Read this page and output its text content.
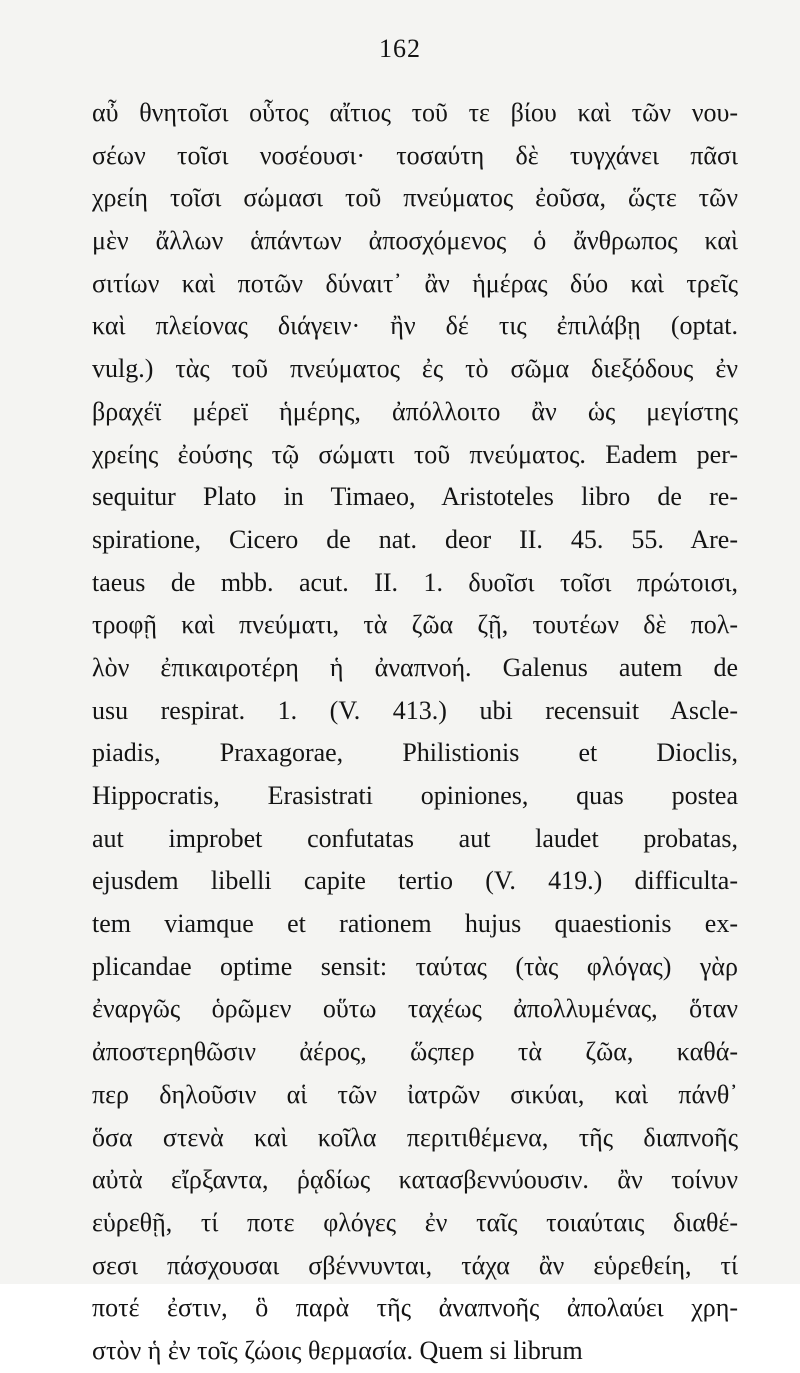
162
αὖ θνητοῖσι οὗτος αἴτιος τοῦ τε βίου καὶ τῶν νου-
σέων τοῖσι νοσέουσι· τοσαύτη δὲ τυγχάνει πᾶσι
χρείη τοῖσι σώμασι τοῦ πνεύματος ἐοῦσα, ὥςτε τῶν
μὲν ἄλλων ἁπάντων ἀποσχόμενος ὁ ἄνθρωπος καὶ
σιτίων καὶ ποτῶν δύναιτ᾽ ἂν ἡμέρας δύο καὶ τρεῖς
καὶ πλείονας διάγειν· ἢν δέ τις ἐπιλάβῃ (optat.
vulg.) τὰς τοῦ πνεύματος ἐς τὸ σῶμα διεξόδους ἐν
βραχέϊ μέρεϊ ἡμέρης, ἀπόλλοιτο ἂν ὡς μεγίστης
χρείης ἐούσης τῷ σώματι τοῦ πνεύματος. Eadem per-
sequitur Plato in Timaeo, Aristoteles libro de re-
spiratione, Cicero de nat. deor II. 45. 55. Are-
taeus de mbb. acut. II. 1. δυοῖσι τοῖσι πρώτοισι,
τροφῇ καὶ πνεύματι, τὰ ζῶα ζῇ, τουτέων δὲ πολ-
λὸν ἐπικαιροτέρη ἡ ἀναπνοή. Galenus autem de
usu respirat. 1. (V. 413.) ubi recensuit Ascle-
piadis, Praxagorae, Philistionis et Dioclis,
Hippocratis, Erasistrati opiniones, quas postea
aut improbet confutatas aut laudet probatas,
ejusdem libelli capite tertio (V. 419.) difficulta-
tem viamque et rationem hujus quaestionis ex-
plicandae optime sensit: ταύτας (τὰς φλόγας) γὰρ
ἐναργῶς ὁρῶμεν οὕτω ταχέως ἀπολλυμένας, ὅταν
ἀποστερηθῶσιν ἀέρος, ὥςπερ τὰ ζῶα, καθά-
περ δηλοῦσιν αἱ τῶν ἰατρῶν σικύαι, καὶ πάνθ᾽
ὅσα στενὰ καὶ κοῖλα περιτιθέμενα, τῆς διαπνοῆς
αὐτὰ εἴρξαντα, ῥᾳδίως κατασβεννύουσιν. ἂν τοίνυν
εὑρεθῇ, τί ποτε φλόγες ἐν ταῖς τοιαύταις διαθέ-
σεσι πάσχουσαι σβέννυνται, τάχα ἂν εὑρεθείη, τί
ποτέ ἐστιν, ὃ παρὰ τῆς ἀναπνοῆς ἀπολαύει χρη-
στὸν ἡ ἐν τοῖς ζώοις θερμασία. Quem si librum
